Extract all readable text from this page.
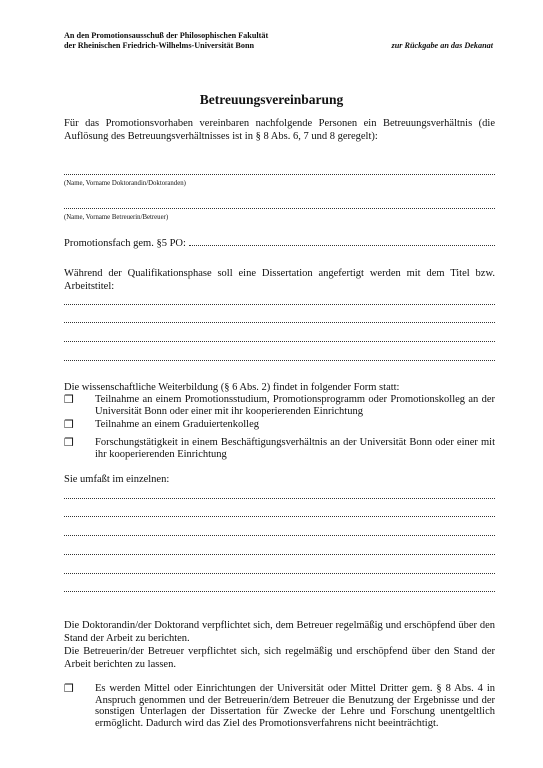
An den Promotionsausschuß der Philosophischen Fakultät
der Rheinischen Friedrich-Wilhelms-Universität Bonn	zur Rückgabe an das Dekanat
Betreuungsvereinbarung
Für das Promotionsvorhaben vereinbaren nachfolgende Personen ein Betreuungsverhältnis (die Auflösung des Betreuungsverhältnisses ist in § 8 Abs. 6, 7 und 8 geregelt):
(Name, Vorname Doktorandin/Doktoranden)
(Name, Vorname Betreuerin/Betreuer)
Promotionsfach gem. §5 PO:
Während der Qualifikationsphase soll eine Dissertation angefertigt werden mit dem Titel bzw. Arbeitstitel:
Die wissenschaftliche Weiterbildung (§ 6 Abs. 2) findet in folgender Form statt:
❒ Teilnahme an einem Promotionsstudium, Promotionsprogramm oder Promotionskolleg an der Universität Bonn oder einer mit ihr kooperierenden Einrichtung
❒ Teilnahme an einem Graduiertenkolleg
❒ Forschungstätigkeit in einem Beschäftigungsverhältnis an der Universität Bonn oder einer mit ihr kooperierenden Einrichtung
Sie umfaßt im einzelnen:
Die Doktorandin/der Doktorand verpflichtet sich, dem Betreuer regelmäßig und erschöpfend über den Stand der Arbeit zu berichten.
Die Betreuerin/der Betreuer verpflichtet sich, sich regelmäßig und erschöpfend über den Stand der Arbeit berichten zu lassen.
❒ Es werden Mittel oder Einrichtungen der Universität oder Mittel Dritter gem. § 8 Abs. 4 in Anspruch genommen und der Betreuerin/dem Betreuer die Benutzung der Ergebnisse und der sonstigen Unterlagen der Dissertation für Zwecke der Lehre und Forschung unentgeltlich ermöglicht. Dadurch wird das Ziel des Promotionsverfahrens nicht beeinträchtigt.
